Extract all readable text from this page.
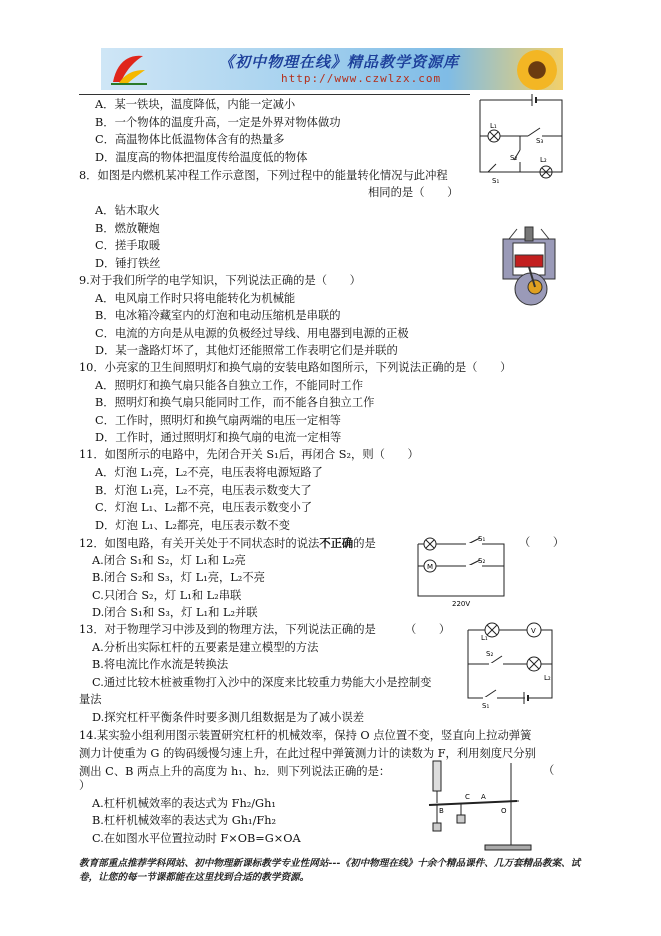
《初中物理在线》精品教学资源库
http://www.czwlzx.com
A．某一铁块，温度降低，内能一定减小
B．一个物体的温度升高，一定是外界对物体做功
C．高温物体比低温物体含有的热量多
D．温度高的物体把温度传给温度低的物体
8．如图是内燃机某冲程工作示意图，下列过程中的能量转化情况与此冲程
相同的是（　　）
A．钻木取火
B．燃放鞭炮
C．搓手取暖
D．锤打铁丝
9.对于我们所学的电学知识，下列说法正确的是（　　）
A．电风扇工作时只将电能转化为机械能
B．电冰箱冷藏室内的灯泡和电动压缩机是串联的
C．电流的方向是从电源的负极经过导线、用电器到电源的正极
D．某一盏路灯坏了，其他灯还能照常工作表明它们是并联的
10．小亮家的卫生间照明灯和换气扇的安装电路如图所示，下列说法正确的是（　　）
A．照明灯和换气扇只能各自独立工作，不能同时工作
B．照明灯和换气扇只能同时工作，而不能各自独立工作
C．工作时，照明灯和换气扇两端的电压一定相等
D．工作时，通过照明灯和换气扇的电流一定相等
11．如图所示的电路中，先闭合开关 S₁后，再闭合 S₂，则（　　）
A．灯泡 L₁亮，L₂不亮，电压表将电源短路了
B．灯泡 L₁亮，L₂不亮，电压表示数变大了
C．灯泡 L₁、L₂都不亮，电压表示数变小了
D．灯泡 L₁、L₂都亮，电压表示数不变
12．如图电路，有关开关处于不同状态时的说法不正确的是	（　　）
A.闭合 S₁和 S₂，灯 L₁和 L₂亮
B.闭合 S₂和 S₃，灯 L₁亮，L₂不亮
C.只闭合 S₂，灯 L₁和 L₂串联
D.闭合 S₁和 S₃，灯 L₁和 L₂并联
13．对于物理学习中涉及到的物理方法，下列说法正确的是	（　　）
A.分析出实际杠杆的五要素是建立模型的方法
B.将电流比作水流是转换法
C.通过比较木桩被重物打入沙中的深度来比较重力势能大小是控制变
量法
D.探究杠杆平衡条件时要多测几组数据是为了减小误差
14.某实验小组利用图示装置研究杠杆的机械效率，保持 O 点位置不变，竖直向上拉动弹簧测力计使重为 G 的钩码缓慢匀速上升，在此过程中弹簧测力计的读数为 F，利用刻度尺分别测出 C、B 两点上升的高度为 h₁、h₂．则下列说法正确的是：	（
）
A.杠杆机械效率的表达式为 Fh₂/Gh₁
B.杠杆机械效率的表达式为 Gh₁/Fh₂
C.在如图水平位置拉动时 F×OB=G×OA
L₁
S₃
S₂	L₂
S₁
M
S₁
S₂
220V
L₁
V
L₂
S₂
S₁
B
C A
O
教育部重点推荐学科网站、初中物理新课标教学专业性网站---《初中物理在线》十余个精品课件、几万套精品教案、试卷，让您的每一节课都能在这里找到合适的教学资源。
